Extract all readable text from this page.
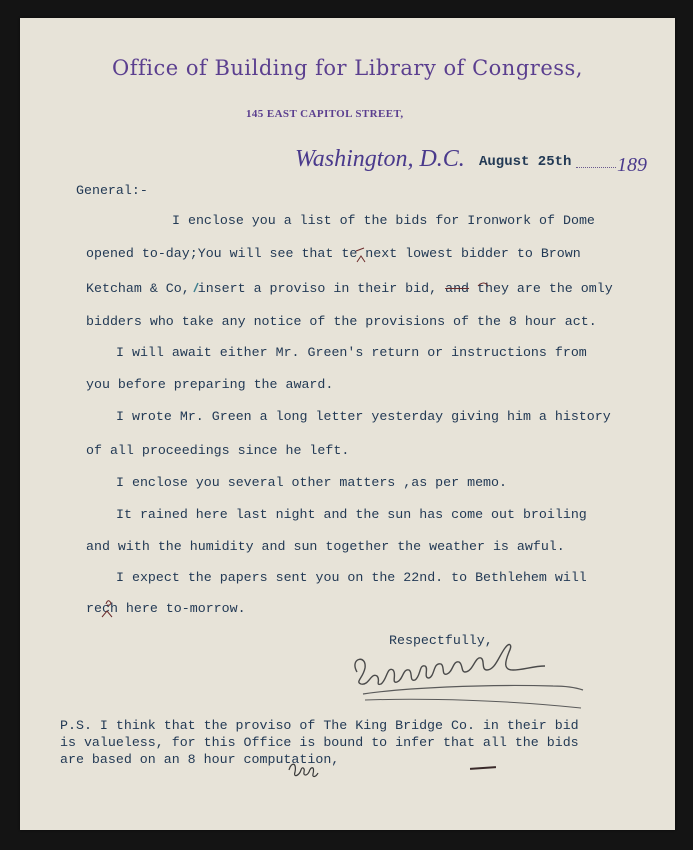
Office of Building for Library of Congress,
145 EAST CAPITOL STREET,
Washington, D.C. August 25th 189
General:-
I enclose you a list of the bids for Ironwork of Dome
opened to-day;You will see that te next lowest bidder to Brown
Ketcham & Co, insert a proviso in their bid, and they are the omly
bidders who take any notice of the provisions of the 8 hour act.
I will await either Mr. Green's return or instructions from
you before preparing the award.
I wrote Mr. Green a long letter yesterday giving him a history
of all proceedings since he left.
I enclose you several other matters ,as per memo.
It rained here last night and the sun has come out broiling
and with the humidity and sun together the weather is awful.
I expect the papers sent you on the 22nd. to Bethlehem will
rech here to-morrow.
Respectfully,
P.S. I think that the proviso of The King Bridge Co. in their bid
is valueless, for this Office is bound to infer that all the bids
are based on an 8 hour computation,
